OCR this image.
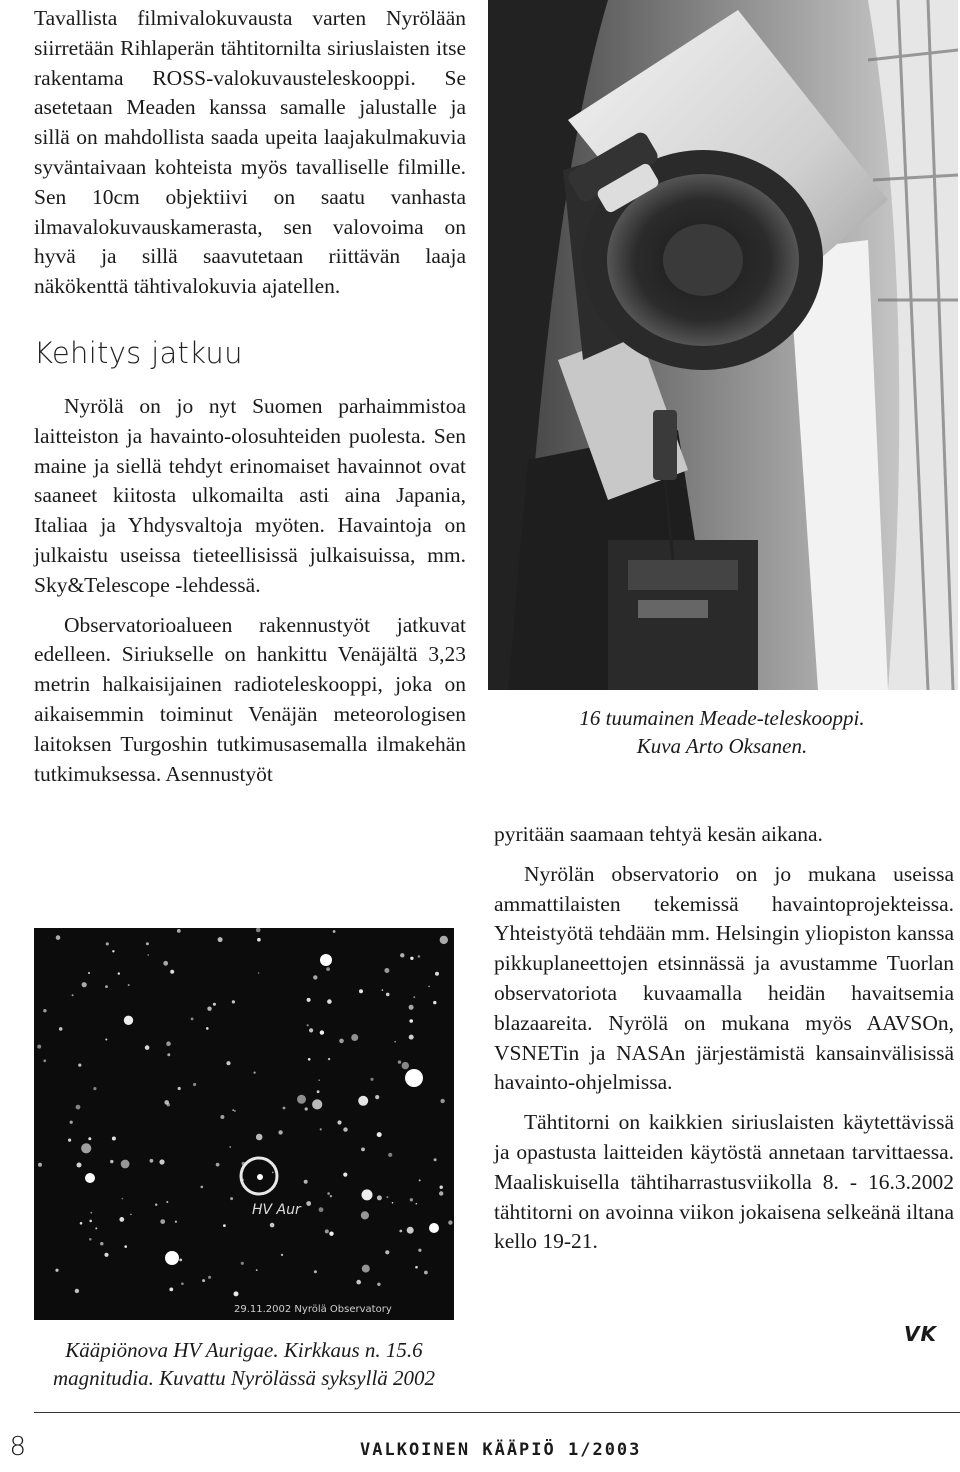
Tavallista filmivalokuvausta varten Nyrölään siirretään Rihlaperän tähtitornilta siriuslaisten itse rakentama ROSS-valokuvausteleskooppi. Se asetetaan Meaden kanssa samalle jalustalle ja sillä on mahdollista saada upeita laajakulmakuvia syväntaivaan kohteista myös tavalliselle filmille. Sen 10cm objektiivi on saatu vanhasta ilmavalokuvauskamerasta, sen valovoima on hyvä ja sillä saavutetaan riittävän laaja näkökenttä tähtivalokuvia ajatellen.

Kehitys jatkuu

Nyrölä on jo nyt Suomen parhaimmistoa laitteiston ja havainto-olosuhteiden puolesta. Sen maine ja siellä tehdyt erinomaiset havainnot ovat saaneet kiitosta ulkomailta asti aina Japania, Italiaa ja Yhdysvaltoja myöten. Havaintoja on julkaistu useissa tieteellisissä julkaisuissa, mm. Sky&Telescope -lehdessä.

Observatorioalueen rakennustyöt jatkuvat edelleen. Siriukselle on hankittu Venäjältä 3,23 metrin halkaisijainen radioteleskooppi, joka on aikaisemmin toiminut Venäjän meteorologisen laitoksen Turgoshin tutkimusasemalla ilmakehän tutkimuksessa. Asennustyöt

16 tuumainen Meade-teleskooppi.
Kuva Arto Oksanen.

pyritään saamaan tehtyä kesän aikana.

Nyrölän observatorio on jo mukana useissa ammattilaisten tekemissä havaintoprojekteissa. Yhteistyötä tehdään mm. Helsingin yliopiston kanssa pikkuplaneettojen etsinnässä ja avustamme Tuorlan observatoriota kuvaamalla heidän havaitsemia blazaareita. Nyrölä on mukana myös AAVSOn, VSNETin ja NASAn järjestämistä kansainvälisissä havainto-ohjelmissa.

Tähtitorni on kaikkien siriuslaisten käytettävissä ja opastusta laitteiden käytöstä annetaan tarvittaessa. Maaliskuisella tähtiharrastusviikolla 8. - 16.3.2002 tähtitorni on avoinna viikon jokaisena selkeänä iltana kello 19-21.

HV Aur
29.11.2002 Nyrölä Observatory
Kääpiönova HV Aurigae. Kirkkaus n. 15.6
magnitudia. Kuvattu Nyrölässä syksyllä 2002
VK
8	VALKOINEN KÄÄPIÖ 1/2003
